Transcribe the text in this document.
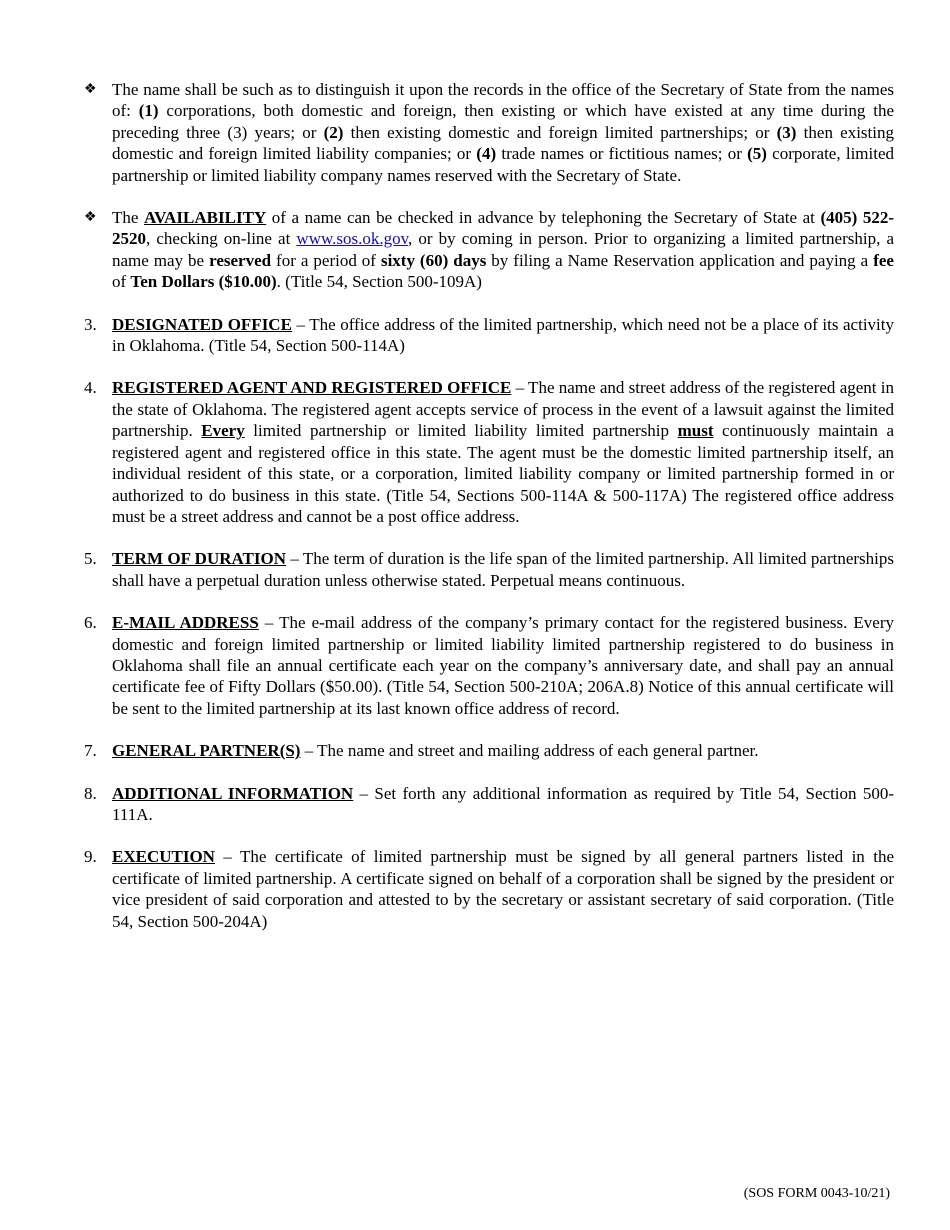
❖ The name shall be such as to distinguish it upon the records in the office of the Secretary of State from the names of: (1) corporations, both domestic and foreign, then existing or which have existed at any time during the preceding three (3) years; or (2) then existing domestic and foreign limited partnerships; or (3) then existing domestic and foreign limited liability companies; or (4) trade names or fictitious names; or (5) corporate, limited partnership or limited liability company names reserved with the Secretary of State.
❖ The AVAILABILITY of a name can be checked in advance by telephoning the Secretary of State at (405) 522-2520, checking on-line at www.sos.ok.gov, or by coming in person. Prior to organizing a limited partnership, a name may be reserved for a period of sixty (60) days by filing a Name Reservation application and paying a fee of Ten Dollars ($10.00). (Title 54, Section 500-109A)
3. DESIGNATED OFFICE – The office address of the limited partnership, which need not be a place of its activity in Oklahoma. (Title 54, Section 500-114A)
4. REGISTERED AGENT AND REGISTERED OFFICE – The name and street address of the registered agent in the state of Oklahoma. The registered agent accepts service of process in the event of a lawsuit against the limited partnership. Every limited partnership or limited liability limited partnership must continuously maintain a registered agent and registered office in this state. The agent must be the domestic limited partnership itself, an individual resident of this state, or a corporation, limited liability company or limited partnership formed in or authorized to do business in this state. (Title 54, Sections 500-114A & 500-117A) The registered office address must be a street address and cannot be a post office address.
5. TERM OF DURATION – The term of duration is the life span of the limited partnership. All limited partnerships shall have a perpetual duration unless otherwise stated. Perpetual means continuous.
6. E-MAIL ADDRESS – The e-mail address of the company’s primary contact for the registered business. Every domestic and foreign limited partnership or limited liability limited partnership registered to do business in Oklahoma shall file an annual certificate each year on the company’s anniversary date, and shall pay an annual certificate fee of Fifty Dollars ($50.00). (Title 54, Section 500-210A; 206A.8) Notice of this annual certificate will be sent to the limited partnership at its last known office address of record.
7. GENERAL PARTNER(S) – The name and street and mailing address of each general partner.
8. ADDITIONAL INFORMATION – Set forth any additional information as required by Title 54, Section 500-111A.
9. EXECUTION – The certificate of limited partnership must be signed by all general partners listed in the certificate of limited partnership. A certificate signed on behalf of a corporation shall be signed by the president or vice president of said corporation and attested to by the secretary or assistant secretary of said corporation. (Title 54, Section 500-204A)
(SOS FORM 0043-10/21)
